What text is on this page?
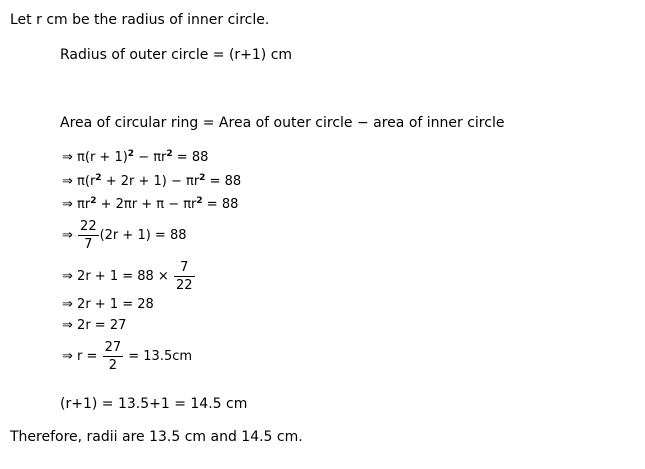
Let r cm be the radius of inner circle.
Radius of outer circle = (r+1) cm
Area of circular ring = Area of outer circle − area of inner circle
⇒ $\pi(r + 1)^2 - \pi r^2 = 88$
⇒ $\pi(r^2 + 2r + 1) - \pi r^2 = 88$
⇒ $\pi r^2 + 2\pi r + \pi - \pi r^2 = 88$
⇒ $\frac{22}{7} (2r + 1) = 88$
⇒ $2r + 1 = 88 \times \frac{7}{22}$
⇒ 2r + 1 = 28
⇒ 2r = 27
⇒ $r = \frac{27}{2} = 13.5cm$
(r+1) = 13.5+1 = 14.5 cm
Therefore, radii are 13.5 cm and 14.5 cm.
